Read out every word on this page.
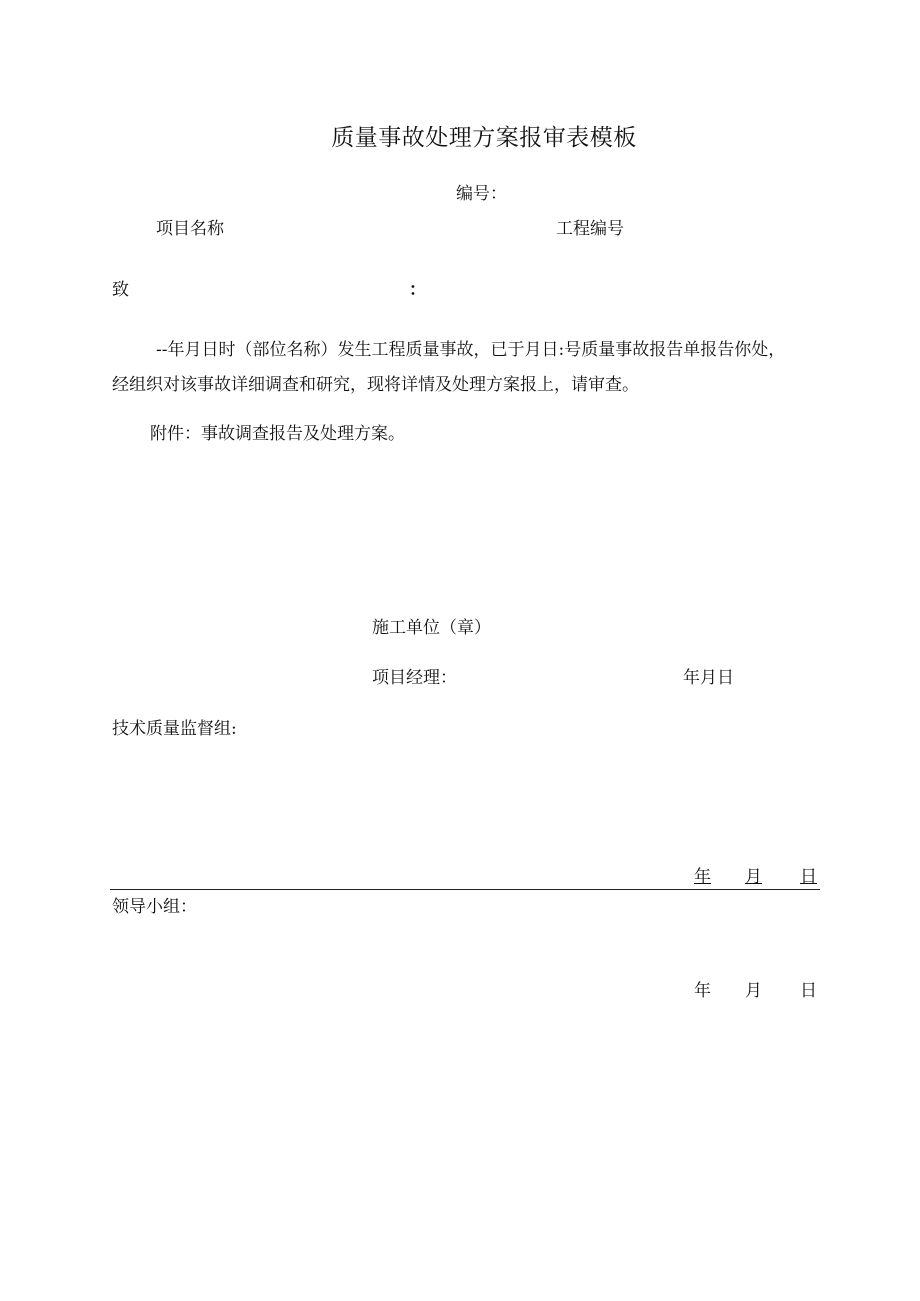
质量事故处理方案报审表模板
编号：
项目名称	工程编号
致	：
--年月日时（部位名称）发生工程质量事故，已于月日:号质量事故报告单报告你处，
经组织对该事故详细调查和研究，现将详情及处理方案报上，请审查。
附件：事故调查报告及处理方案。
施工单位（章）
项目经理：	年月日
技术质量监督组:
年	月	日
领导小组：
年	月	日
